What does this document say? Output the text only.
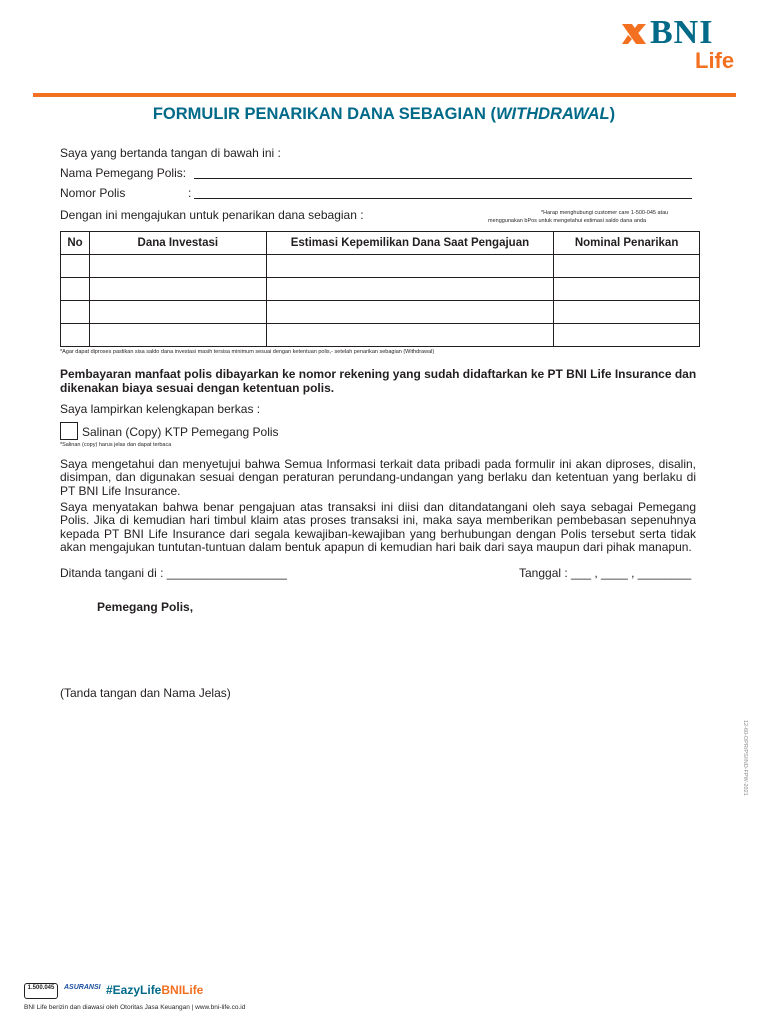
BNI
Life
FORMULIR PENARIKAN DANA SEBAGIAN (WITHDRAWAL)
Saya yang bertanda tangan di bawah ini :
Nama Pemegang Polis:
Nomor Polis	:
Dengan ini mengajukan untuk penarikan dana sebagian :	*Harap menghubungi customer care 1-500-045 atau
menggunakan bPos untuk mengetahui estimasi saldo dana anda
No	Dana Investasi	Estimasi Kepemilikan Dana Saat Pengajuan	Nominal Penarikan

*Agar dapat diproses pastikan sisa saldo dana investasi masih tersisa minimum sesuai dengan ketentuan polis,- setelah penarikan sebagian (Withdrawal)
Pembayaran manfaat polis dibayarkan ke nomor rekening yang sudah didaftarkan ke PT BNI Life Insurance dan dikenakan biaya sesuai dengan ketentuan polis.
Saya lampirkan kelengkapan berkas :
Salinan (Copy) KTP Pemegang Polis
*Salinan (copy) harus jelas dan dapat terbaca
Saya mengetahui dan menyetujui bahwa Semua Informasi terkait data pribadi pada formulir ini akan diproses, disalin, disimpan, dan digunakan sesuai dengan peraturan perundang-undangan yang berlaku dan ketentuan yang berlaku di PT BNI Life Insurance.
Saya menyatakan bahwa benar pengajuan atas transaksi ini diisi dan ditandatangani oleh saya sebagai Pemegang Polis. Jika di kemudian hari timbul klaim atas proses transaksi ini, maka saya memberikan pembebasan sepenuhnya kepada PT BNI Life Insurance dari segala kewajiban-kewajiban yang berhubungan dengan Polis tersebut serta tidak akan mengajukan tuntutan-tuntuan dalam bentuk apapun di kemudian hari baik dari saya maupun dari pihak manapun.
Ditanda tangani di : __________________	Tanggal : ___ , ____ , ________
Pemegang Polis,
(Tanda tangan dan Nama Jelas)
12-60-OPR/PS/IND-FPW-2021
1.500.045	ASURANSI #EazyLifeBNILife
BNI Life berizin dan diawasi oleh Otoritas Jasa Keuangan | www.bni-life.co.id
